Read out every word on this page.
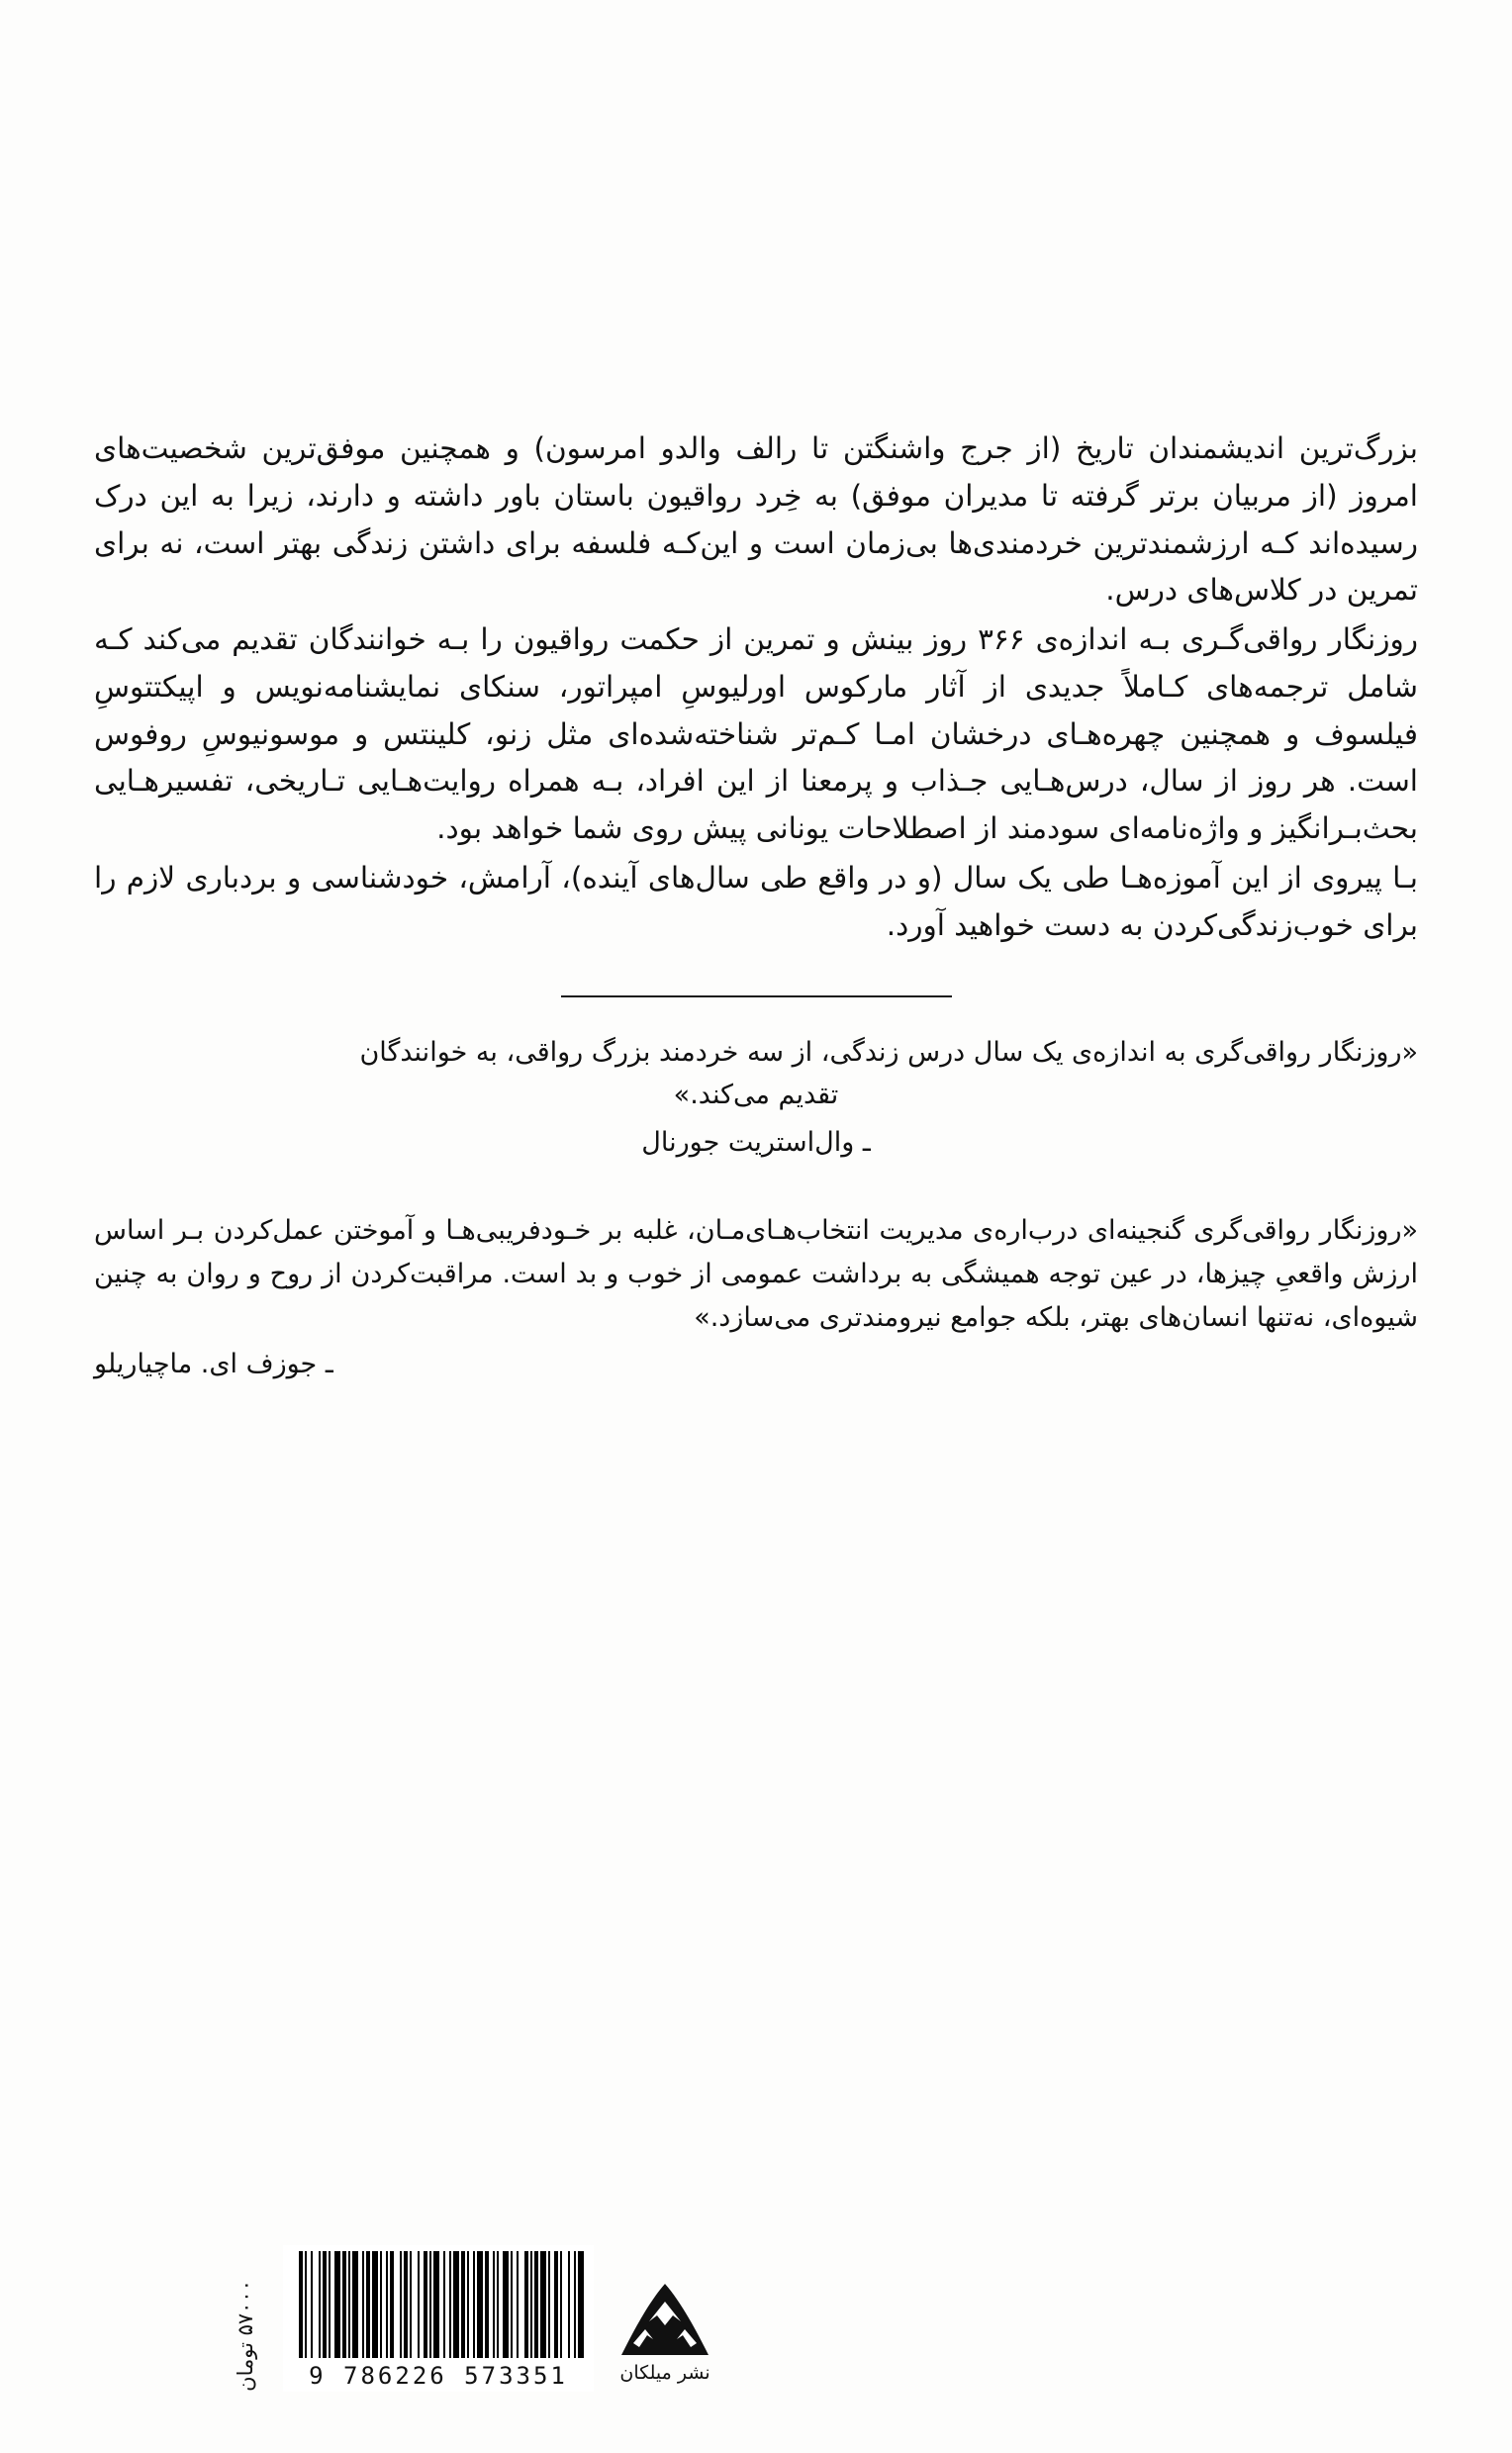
بزرگ‌ترین اندیشمندان تاریخ (از جرج واشنگتن تا رالف والدو امرسون) و همچنین موفق‌ترین شخصیت‌های امروز (از مربیان برتر گرفته تا مدیران موفق) به خِرد رواقیون باستان باور داشته و دارند، زیرا به این درک رسیده‌اند کـه ارزشمندترین خردمندی‌ها بی‌زمان است و این‌کـه فلسفه برای داشتن زندگی بهتر است، نه برای تمرین در کلاس‌های درس.

روزنگار رواقی‌گـری بـه اندازه‌ی ۳۶۶ روز بینش و تمرین از حکمت رواقیون را بـه خوانندگان تقدیم می‌کند کـه شامل ترجمه‌های کـاملاً جدیدی از آثار مارکوس اورلیوسِ امپراتور، سنکای نمایشنامه‌نویس و اپیکتتوسِ فیلسوف و همچنین چهره‌هـای درخشان امـا کـم‌تر شناخته‌شده‌ای مثل زنو، کلینتس و موسونیوسِ روفوس است. هر روز از سال، درس‌هـایی جـذاب و پرمعنا از این افراد، بـه همراه روایت‌هـایی تـاریخی، تفسیرهـایی بحث‌بـرانگیز و واژه‌نامه‌ای سودمند از اصطلاحات یونانی پیش روی شما خواهد بود.

بـا پیروی از این آموزه‌هـا طی یک سال (و در واقع طی سال‌های آینده)، آرامش، خودشناسی و بردباری لازم را برای خوب‌زندگی‌کردن به دست خواهید آورد.

«روزنگار رواقی‌گری به اندازه‌ی یک سال درس زندگی، از سه خردمند بزرگ رواقی، به خوانندگان

تقدیم می‌کند.»

ـ وال‌استریت جورنال

«روزنگار رواقی‌گری گنجینه‌ای درب‌اره‌ی مدیریت انتخاب‌هـای‌مـان، غلبه بر خـودفریبی‌هـا و آموختن عمل‌کردن بـر اساس ارزش واقعیِ چیزها، در عین توجه همیشگی به برداشت عمومی از خوب و بد است. مراقبت‌کردن از روح و روان به چنین شیوه‌ای، نه‌تنها انسان‌های بهتر، بلکه جوامع نیرومندتری می‌سازد.»

ـ جوزف ای. ماچیاریلو

نشر میلکان
9 786226 573351
۵۷۰۰۰ تومان
